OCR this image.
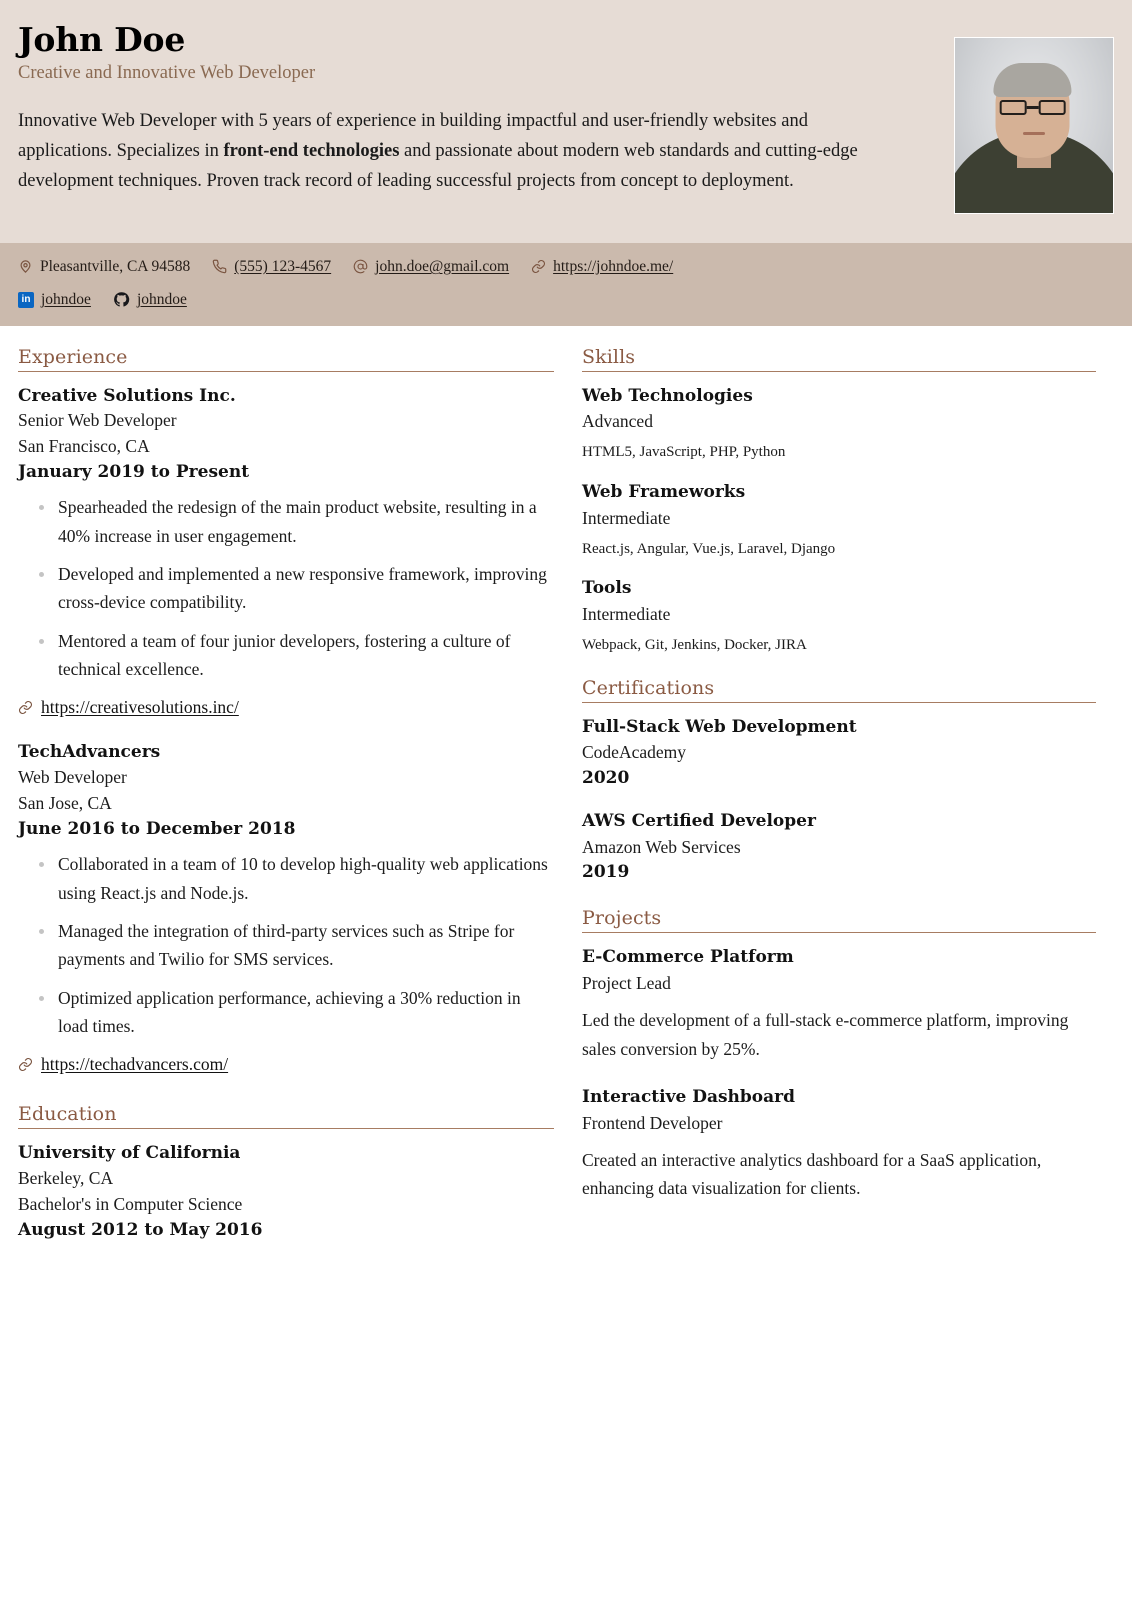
John Doe
Creative and Innovative Web Developer

Innovative Web Developer with 5 years of experience in building impactful and user-friendly websites and applications. Specializes in front-end technologies and passionate about modern web standards and cutting-edge development techniques. Proven track record of leading successful projects from concept to deployment.

Pleasantville, CA 94588	(555) 123-4567	john.doe@gmail.com	https://johndoe.me/
in johndoe	johndoe
Experience
Creative Solutions Inc.
Senior Web Developer
San Francisco, CA
January 2019 to Present
Spearheaded the redesign of the main product website, resulting in a 40% increase in user engagement.
Developed and implemented a new responsive framework, improving cross-device compatibility.
Mentored a team of four junior developers, fostering a culture of technical excellence.
https://creativesolutions.inc/
TechAdvancers
Web Developer
San Jose, CA
June 2016 to December 2018
Collaborated in a team of 10 to develop high-quality web applications using React.js and Node.js.
Managed the integration of third-party services such as Stripe for payments and Twilio for SMS services.
Optimized application performance, achieving a 30% reduction in load times.
https://techadvancers.com/
Education
University of California
Berkeley, CA
Bachelor's in Computer Science
August 2012 to May 2016
Skills
Web Technologies
Advanced
HTML5, JavaScript, PHP, Python
Web Frameworks
Intermediate
React.js, Angular, Vue.js, Laravel, Django
Tools
Intermediate
Webpack, Git, Jenkins, Docker, JIRA
Certifications
Full-Stack Web Development
CodeAcademy
2020
AWS Certified Developer
Amazon Web Services
2019
Projects
E-Commerce Platform
Project Lead
Led the development of a full-stack e-commerce platform, improving sales conversion by 25%.
Interactive Dashboard
Frontend Developer
Created an interactive analytics dashboard for a SaaS application, enhancing data visualization for clients.
